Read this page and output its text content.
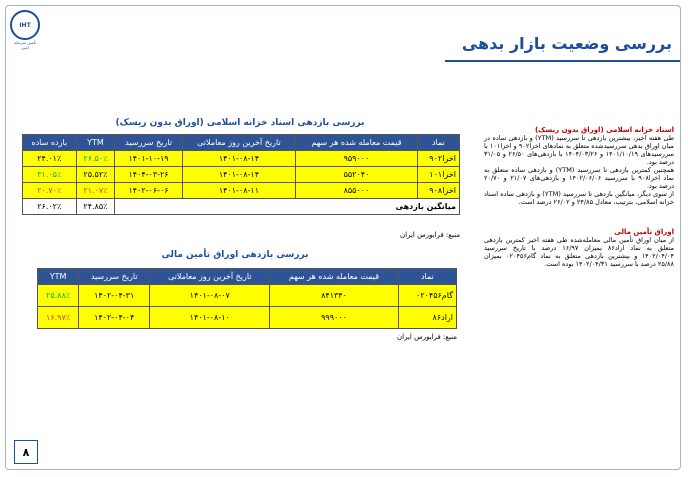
IHT
تأمین سرمایه
امین	بررسی وضعیت بازار بدهی
بررسی بازدهی اسناد خزانه اسلامی (اوراق بدون ریسک)
نماد	قیمت معامله شده هر سهم	تاریخ آخرین روز معاملاتی	تاریخ سررسید	YTM	بازده ساده
اخزا۹۰۲	۹۵۹۰۰۰	۱۴۰۱-۰۸-۱۴	۱۴۰۱-۱۰-۱۹	۲۶.۵۰٪	۲۴.۰۱٪
اخزا۱۰۱	۵۵۲۰۴۰	۱۴۰۱-۰۸-۱۴	۱۴۰۴-۰۳-۲۶	۲۵.۵۲٪	۳۱.۰۵٪
اخزا۹۰۸	۸۵۵۰۰۰	۱۴۰۱-۰۸-۱۱	۱۴۰۲-۰۶-۰۶	۲۱.۰۷٪	۲۰.۷۰٪
میانگین بازدهی				۲۴.۸۵٪	۲۶.۰۲٪
منبع: فرابورس ایران
بررسی بازدهی اوراق تأمین مالی
نماد	قیمت معامله شده هر سهم	تاریخ آخرین روز معاملاتی	تاریخ سررسید	YTM
گام۰۲۰۴۵۶	۸۴۱۳۴۰	۱۴۰۱-۰۸-۰۷	۱۴۰۲-۰۴-۳۱	۲۵.۸۸٪
اراد۸۶	۹۹۹۰۰۰	۱۴۰۱-۰۸-۱۰	۱۴۰۲-۰۴-۰۴	۱۶.۹۷٪
منبع: فرابورس ایران
اسناد خزانه اسلامی (اوراق بدون ریسک)

طی هفته اخیر، بیشترین بازدهی تا سررسید (YTM) و بازدهی ساده در میان اوراق بدهی سررسیدشده متعلق به نمادهای اخزا۹۰۲ و اخزا۱۰۱ با سررسیدهای ۱۴۰۱/۱۰/۱۹ و ۱۴۰۴/۰۳/۲۶ با بازدهی‌های ۲۶/۵۰ و ۳۱/۰۵ درصد بود.

همچنین کمترین بازدهی تا سررسید (YTM) و بازدهی ساده متعلق به نماد اخزا۹۰۸ با سررسید ۱۴۰۲/۰۶/۰۶ و بازدهی‌های ۲۱/۰۷ و ۲۰/۷۰ درصد بود.

از سوی دیگر، میانگین بازدهی تا سررسید (YTM) و بازدهی ساده اسناد خزانه اسلامی، بترتیب، معادل ۲۴/۸۵ و ۲۶/۰۲ درصد است.

اوراق تأمین مالی

از میان اوراق تأمین مالی معامله‌شده طی هفته اخیر کمترین بازدهی متعلق به نماد اراد۸۶ بمیزان ۱۶/۹۷ درصد با تاریخ سررسید ۱۴۰۲/۰۴/۰۴ و بیشترین بازدهی متعلق به نماد گام۰۲۰۴۵۶ بمیزان ۲۵/۸۸ درصد با سررسید ۱۴۰۲/۰۴/۳۱ بوده است.

۸
